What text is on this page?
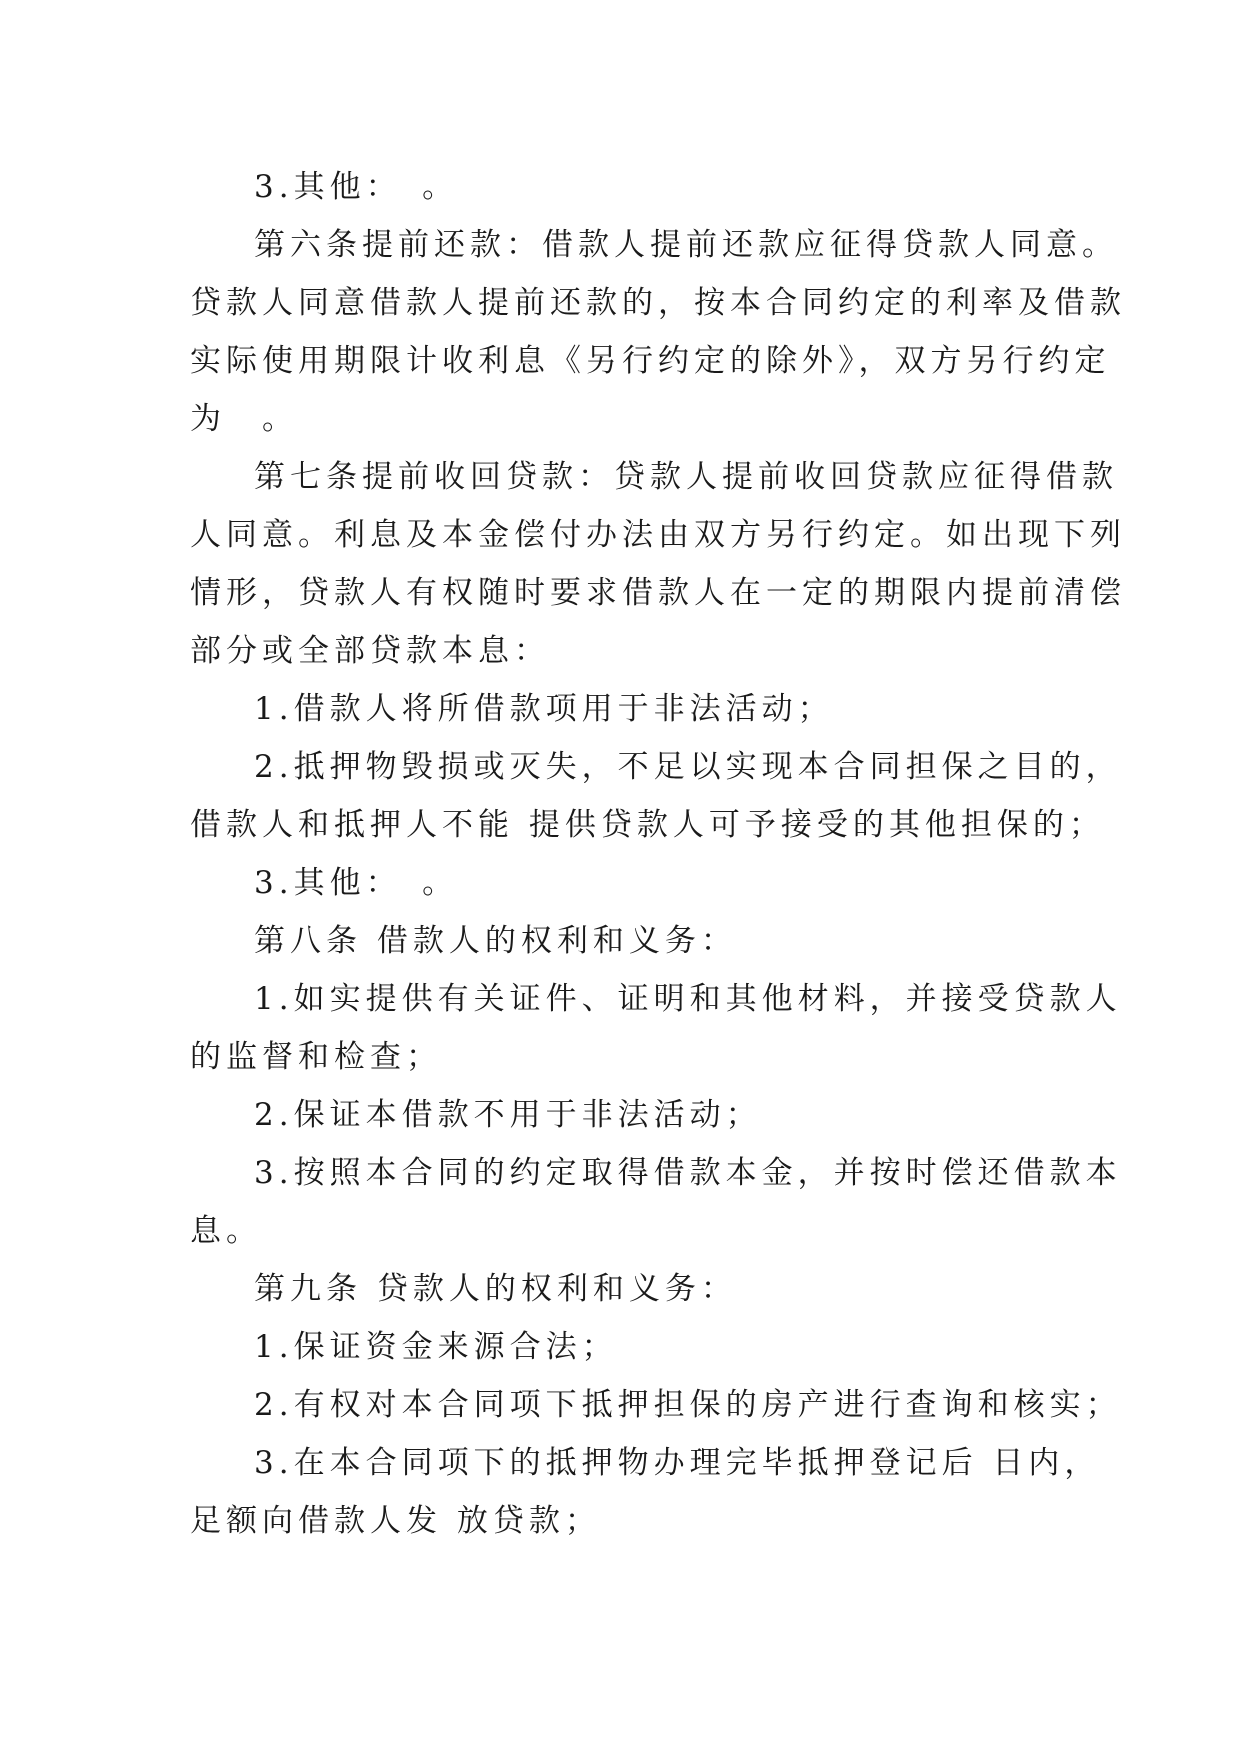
3.其他：　。
第六条提前还款：借款人提前还款应征得贷款人同意。
贷款人同意借款人提前还款的，按本合同约定的利率及借款
实际使用期限计收利息《另行约定的除外》，双方另行约定
为　。
第七条提前收回贷款：贷款人提前收回贷款应征得借款
人同意。利息及本金偿付办法由双方另行约定。如出现下列
情形，贷款人有权随时要求借款人在一定的期限内提前清偿
部分或全部贷款本息：
1.借款人将所借款项用于非法活动；
2.抵押物毁损或灭失，不足以实现本合同担保之目的，
借款人和抵押人不能 提供贷款人可予接受的其他担保的；
3.其他：　。
第八条 借款人的权利和义务：
1.如实提供有关证件、证明和其他材料，并接受贷款人
的监督和检查；
2.保证本借款不用于非法活动；
3.按照本合同的约定取得借款本金，并按时偿还借款本
息。
第九条 贷款人的权利和义务：
1.保证资金来源合法；
2.有权对本合同项下抵押担保的房产进行查询和核实；
3.在本合同项下的抵押物办理完毕抵押登记后 日内，
足额向借款人发 放贷款；
